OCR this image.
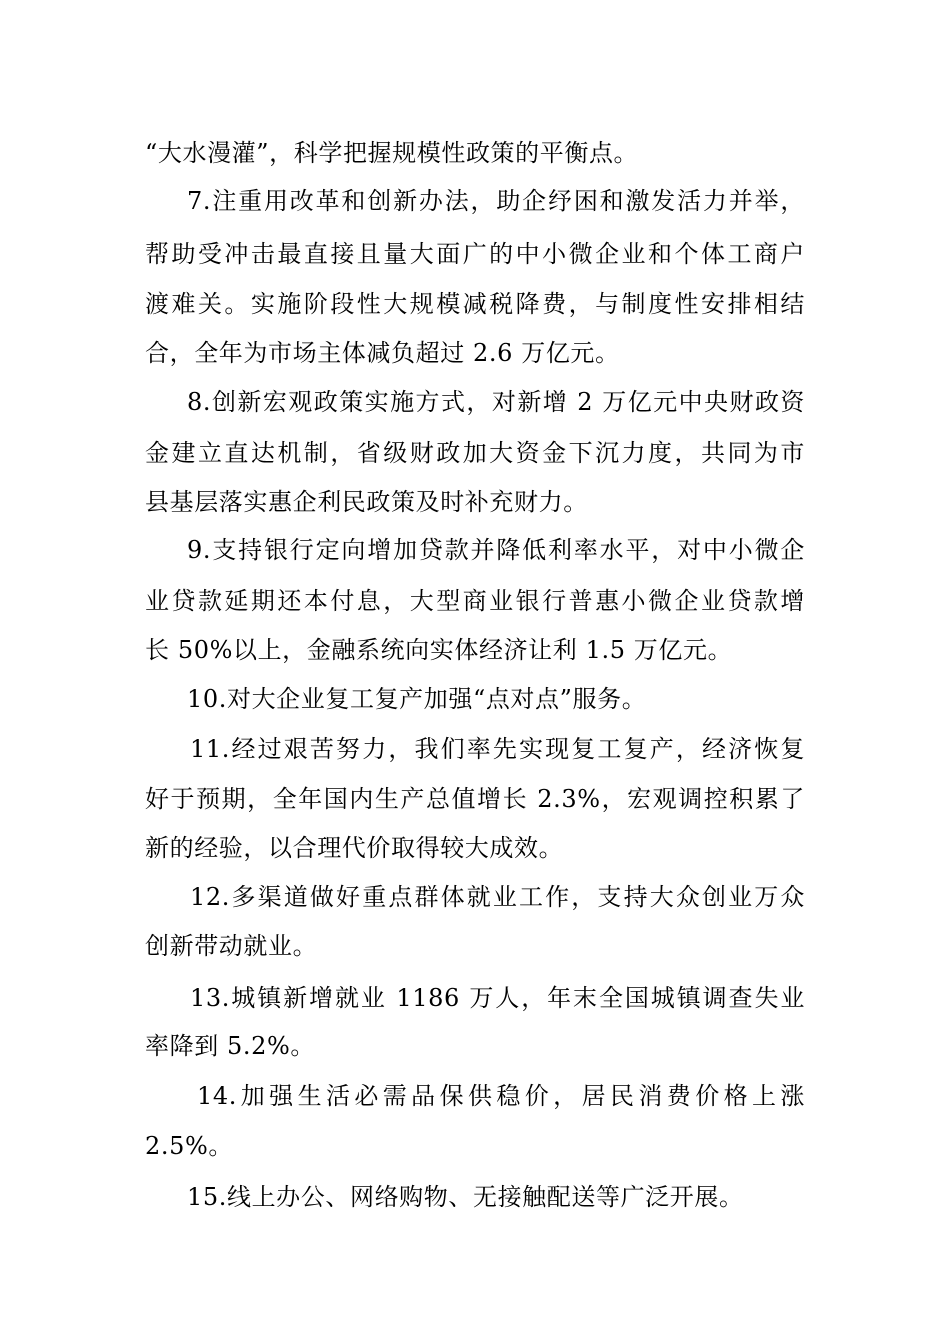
“大水漫灌”，科学把握规模性政策的平衡点。
7.注重用改革和创新办法，助企纾困和激发活力并举，
帮助受冲击最直接且量大面广的中小微企业和个体工商户
渡难关。实施阶段性大规模减税降费，与制度性安排相结
合，全年为市场主体减负超过 2.6 万亿元。
8.创新宏观政策实施方式，对新增 2 万亿元中央财政资
金建立直达机制，省级财政加大资金下沉力度，共同为市
县基层落实惠企利民政策及时补充财力。
9.支持银行定向增加贷款并降低利率水平，对中小微企
业贷款延期还本付息，大型商业银行普惠小微企业贷款增
长 50%以上，金融系统向实体经济让利 1.5 万亿元。
10.对大企业复工复产加强“点对点”服务。
11.经过艰苦努力，我们率先实现复工复产，经济恢复
好于预期，全年国内生产总值增长 2.3%，宏观调控积累了
新的经验，以合理代价取得较大成效。
12.多渠道做好重点群体就业工作，支持大众创业万众
创新带动就业。
13.城镇新增就业 1186 万人，年末全国城镇调查失业
率降到 5.2%。
14.加强生活必需品保供稳价，居民消费价格上涨
2.5%。
15.线上办公、网络购物、无接触配送等广泛开展。
